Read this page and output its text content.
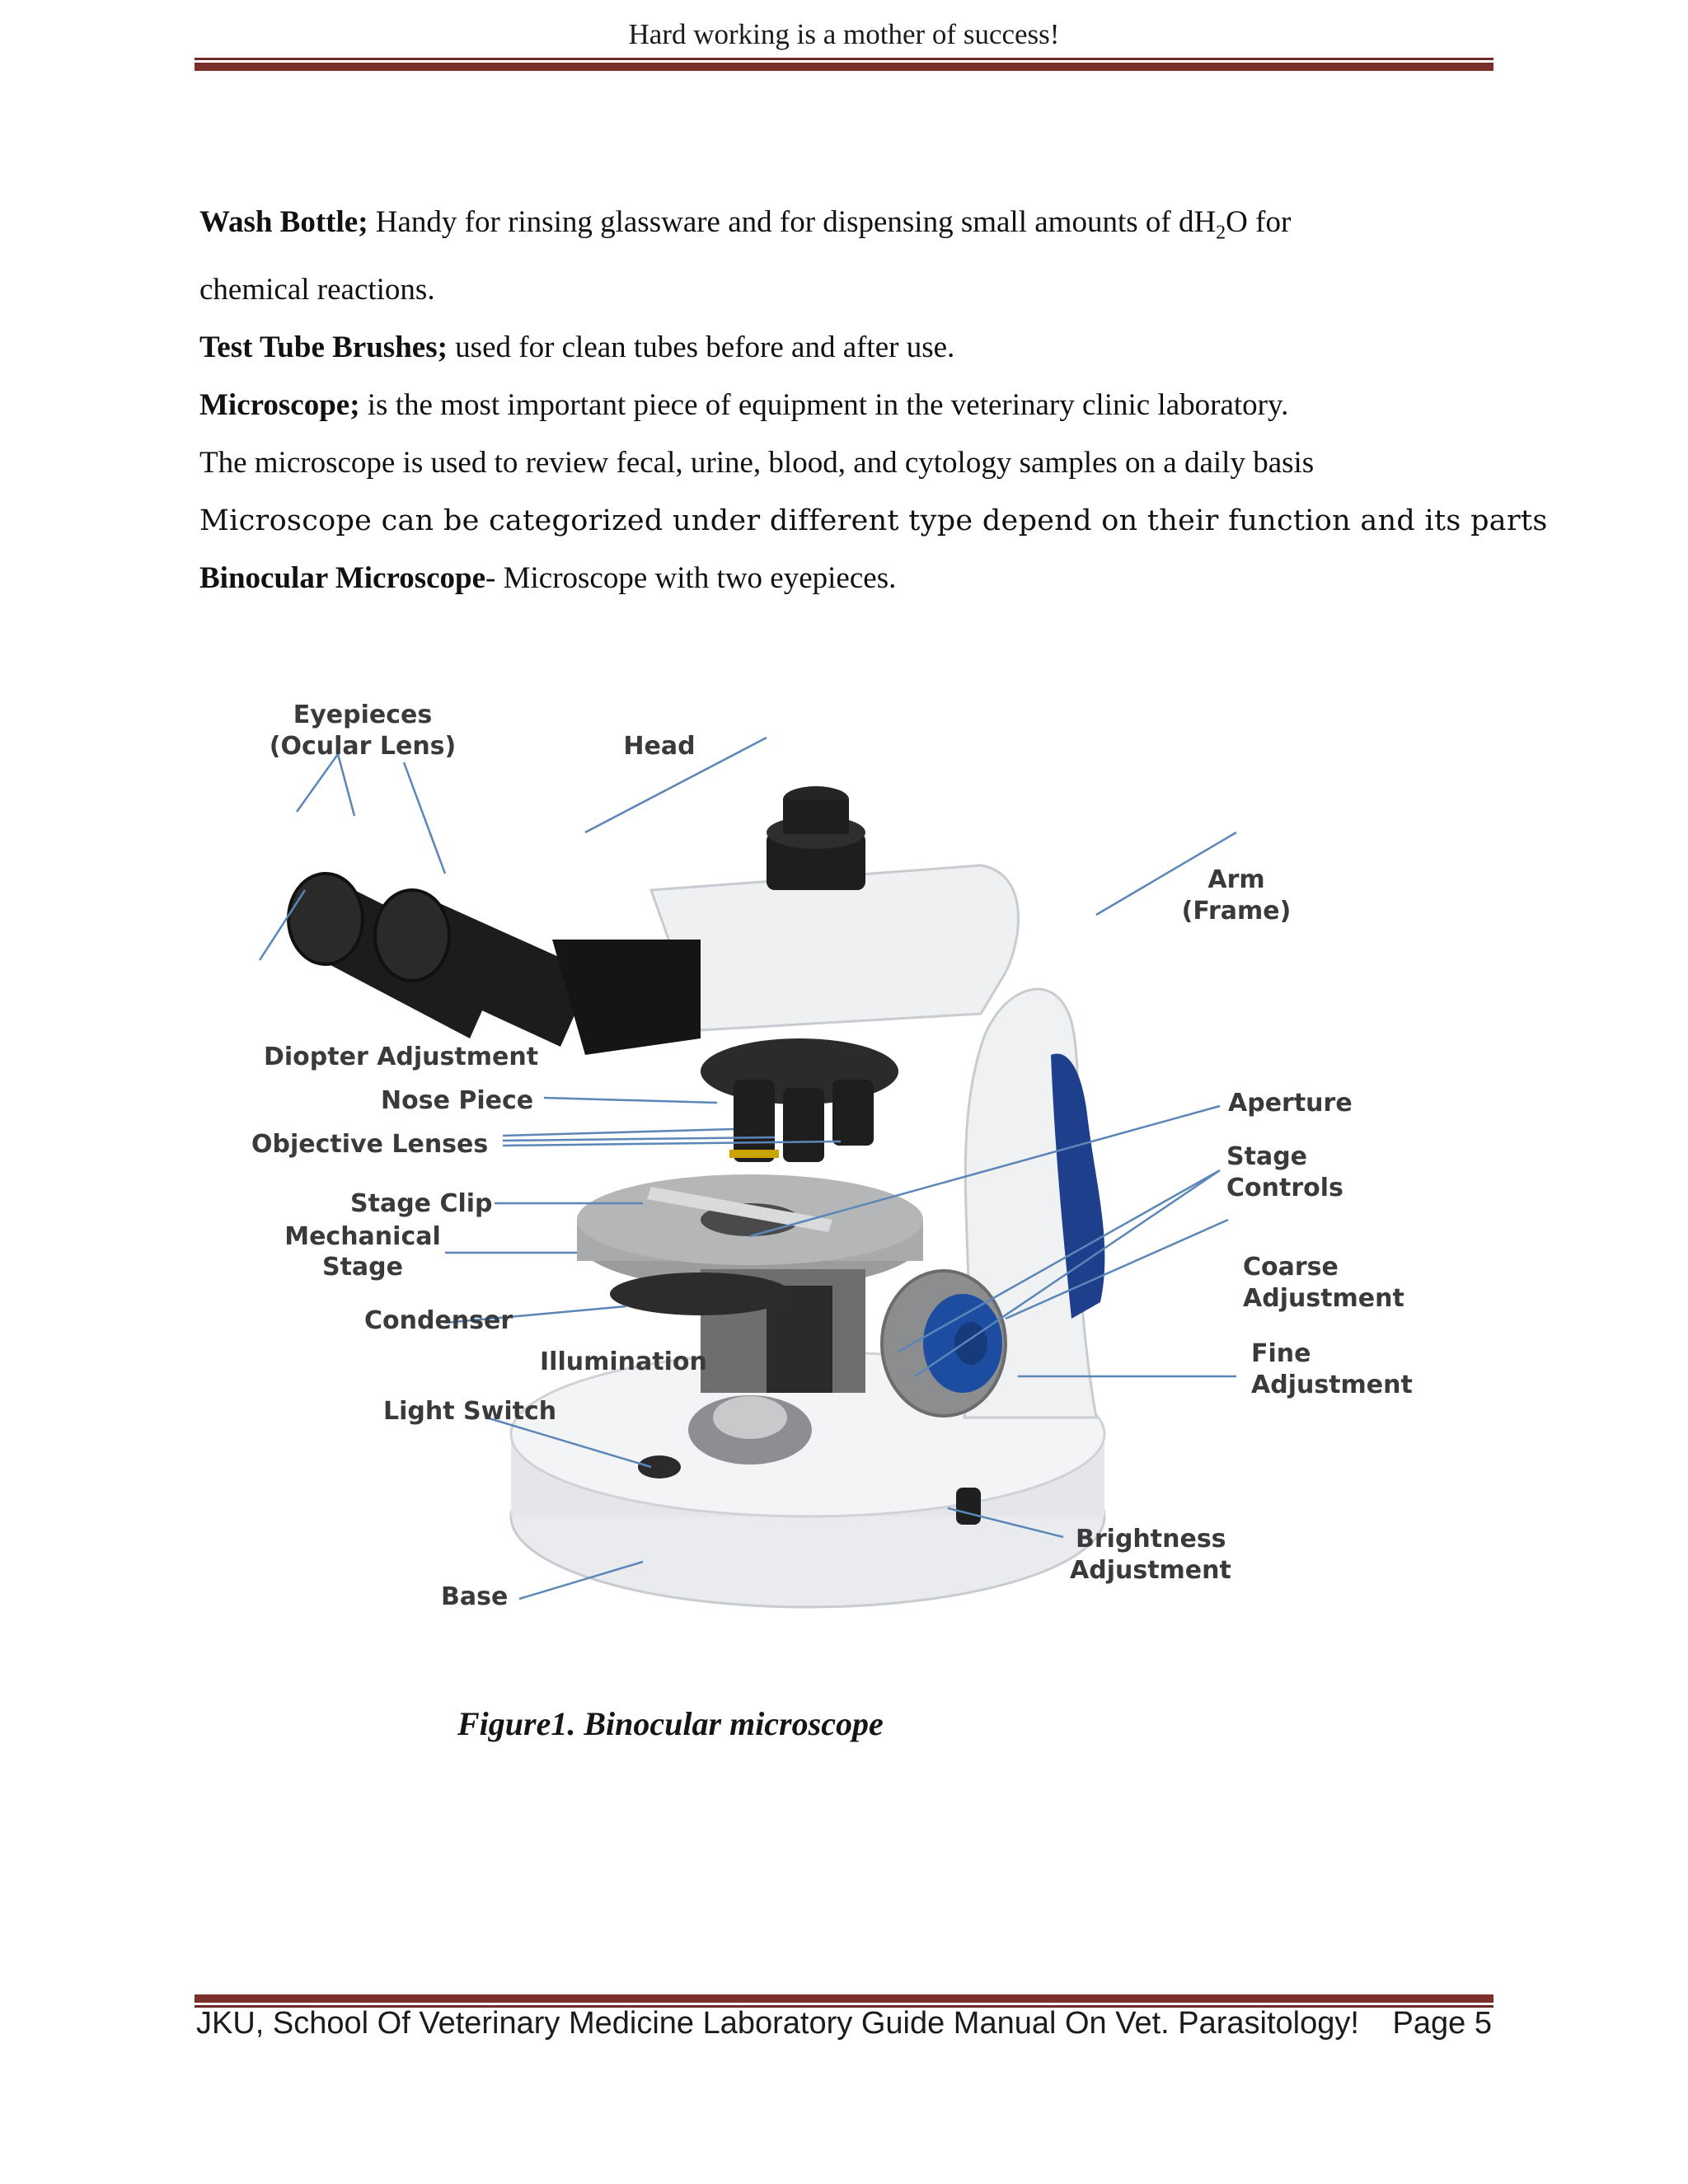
Hard working is a mother of success!

Wash Bottle; Handy for rinsing glassware and for dispensing small amounts of $dH_2O$ for

chemical reactions.

Test Tube Brushes; used for clean tubes before and after use.

Microscope; is the most important piece of equipment in the veterinary clinic laboratory.

The microscope is used to review fecal, urine, blood, and cytology samples on a daily basis

Microscope can be categorized under different type depend on their function and its parts

Binocular Microscope- Microscope with two eyepieces.

Eyepieces
(Ocular Lens)	Head
Arm
(Frame)
Diopter Adjustment
Nose Piece
Objective Lenses
Aperture
Stage
Controls
Stage Clip
Mechanical
Stage	Coarse
Adjustment
Condenser
Illumination	Fine
Adjustment
Light Switch
Brightness
Adjustment
Base
Figure1. Binocular microscope
JKU, School Of Veterinary Medicine Laboratory Guide Manual On Vet. Parasitology! Page 5
